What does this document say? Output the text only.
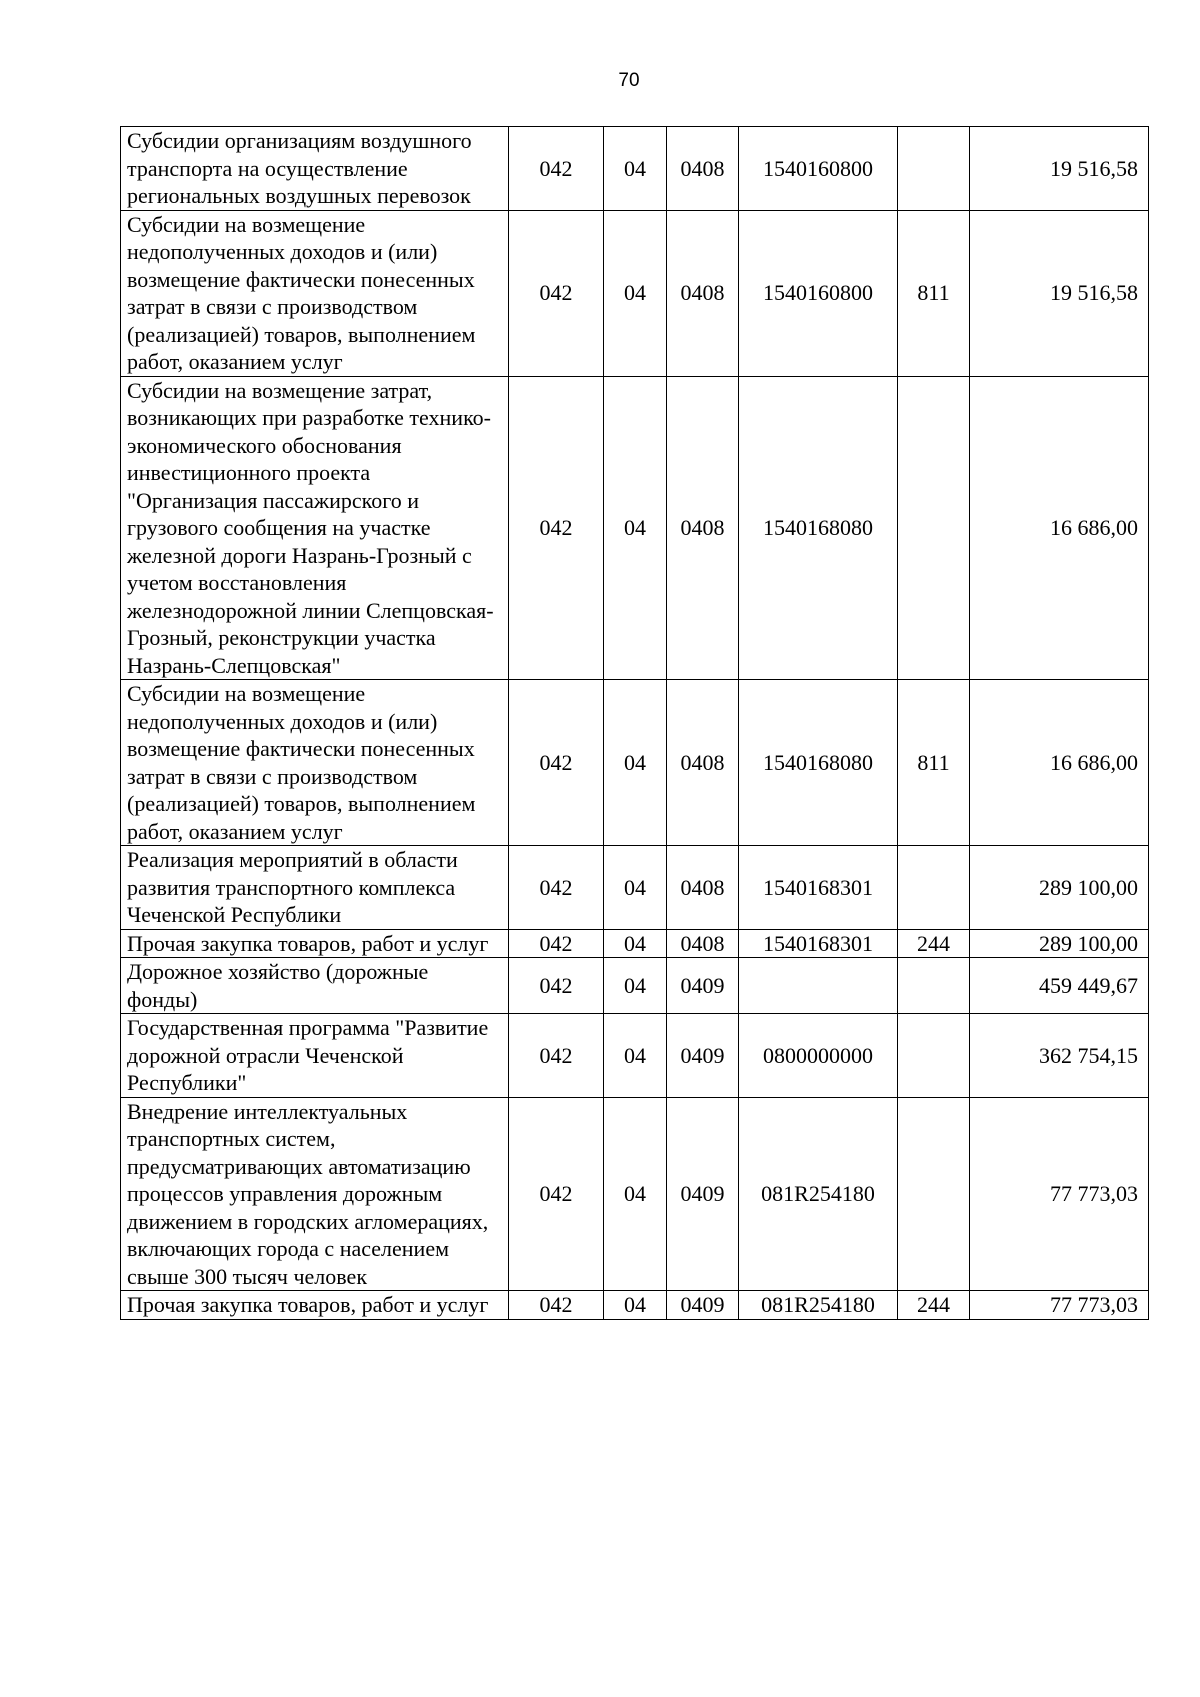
70
Субсидии организациям воздушного транспорта на осуществление региональных воздушных перевозок	042	04	0408	1540160800		19 516,58
Субсидии на возмещение недополученных доходов и (или) возмещение фактически понесенных затрат в связи с производством (реализацией) товаров, выполнением работ, оказанием услуг	042	04	0408	1540160800	811	19 516,58
Субсидии на возмещение затрат, возникающих при разработке технико-экономического обоснования инвестиционного проекта "Организация пассажирского и грузового сообщения на участке железной дороги Назрань-Грозный с учетом восстановления железнодорожной линии Слепцовская-Грозный, реконструкции участка Назрань-Слепцовская"	042	04	0408	1540168080		16 686,00
Субсидии на возмещение недополученных доходов и (или) возмещение фактически понесенных затрат в связи с производством (реализацией) товаров, выполнением работ, оказанием услуг	042	04	0408	1540168080	811	16 686,00
Реализация мероприятий в области развития транспортного комплекса Чеченской Республики	042	04	0408	1540168301		289 100,00
Прочая закупка товаров, работ и услуг	042	04	0408	1540168301	244	289 100,00
Дорожное хозяйство (дорожные фонды)	042	04	0409			459 449,67
Государственная программа "Развитие дорожной отрасли Чеченской Республики"	042	04	0409	0800000000		362 754,15
Внедрение интеллектуальных транспортных систем, предусматривающих автоматизацию процессов управления дорожным движением в городских агломерациях, включающих города с населением свыше 300 тысяч человек	042	04	0409	081R254180		77 773,03
Прочая закупка товаров, работ и услуг	042	04	0409	081R254180	244	77 773,03
